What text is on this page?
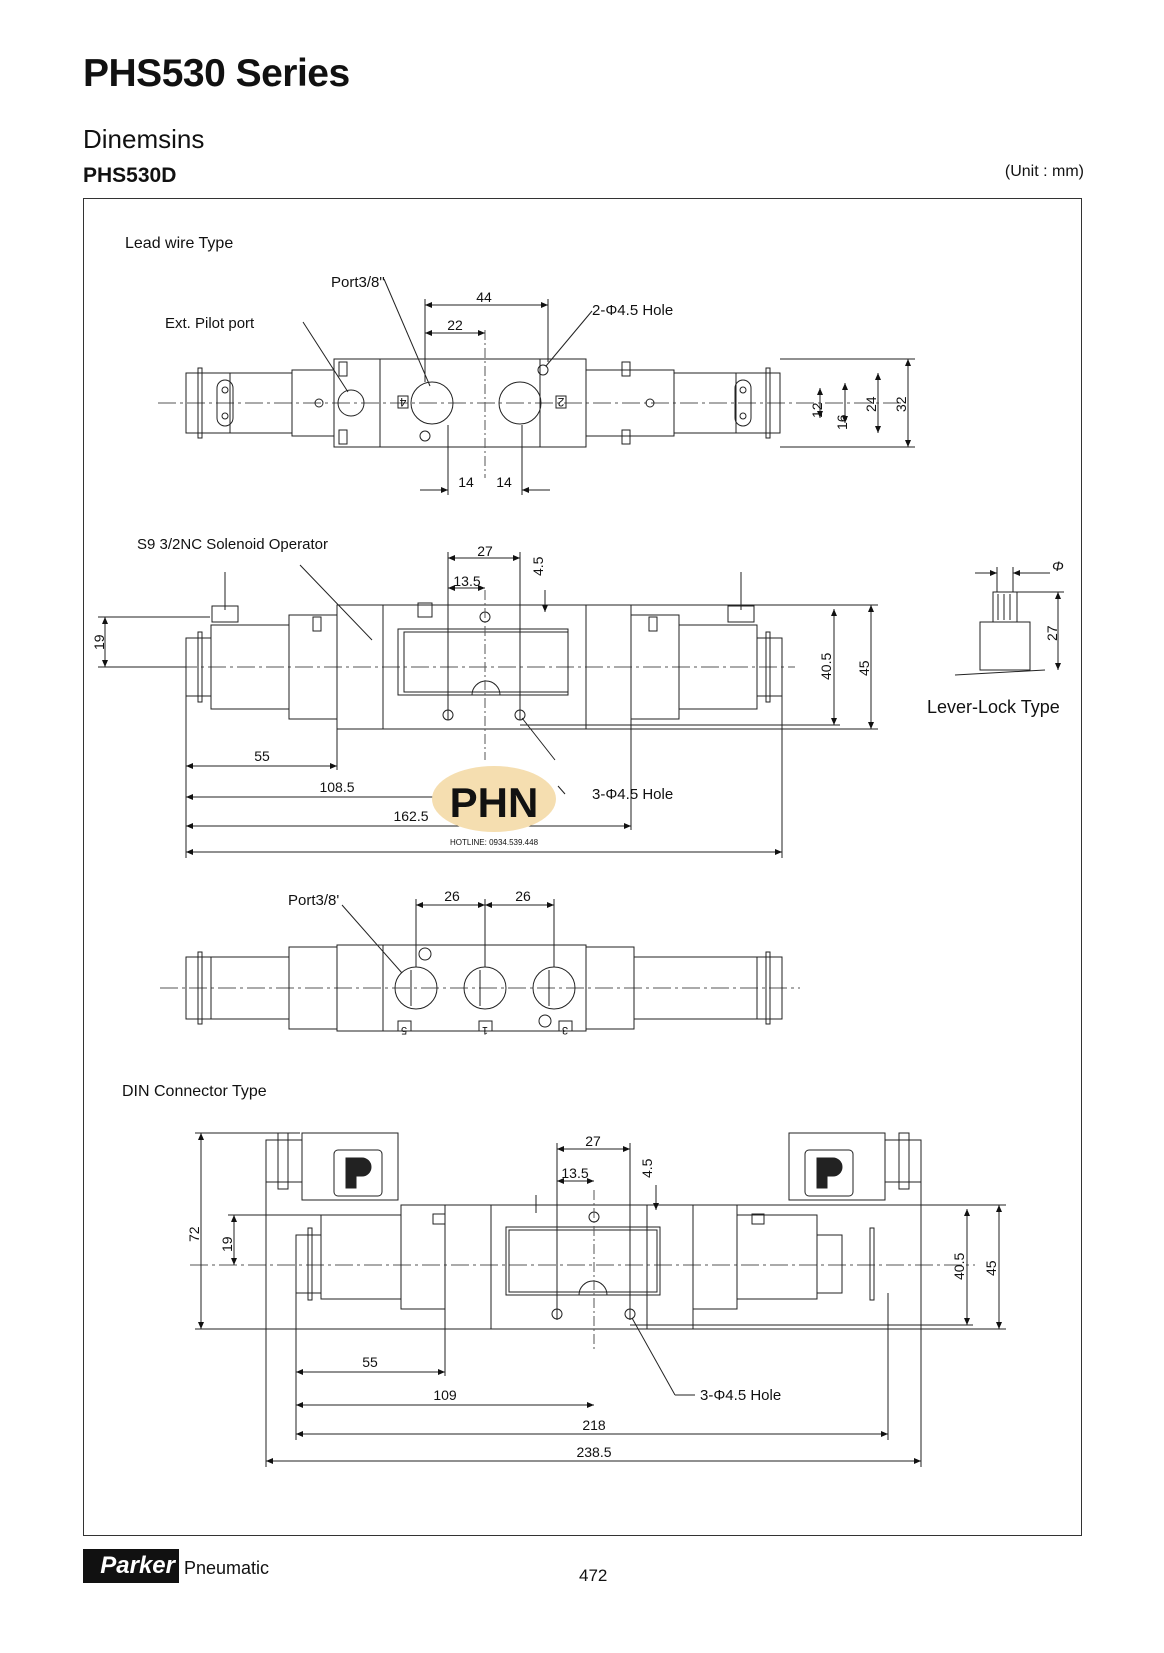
PHS530 Series
Dinemsins
PHS530D	(Unit : mm)
PHN
HOTLINE: 0934.539.448
Lead wire Type
Port3/8"
Ext. Pilot port
2-Φ4.5 Hole
44
22
14 14
12
16
24 32
4	2
S9 3/2NC Solenoid Operator	27
13.5
4.5
19
40.5 45
55
108.5
162.5
3-Φ4.5 Hole
27
Φ
Lever-Lock Type
Port3/8'	26	26
5	1	3
DIN Connector Type
27
13.5	4.5
72
19
40.5 45
55
109
218
238.5
3-Φ4.5 Hole
Parker Pneumatic	472
